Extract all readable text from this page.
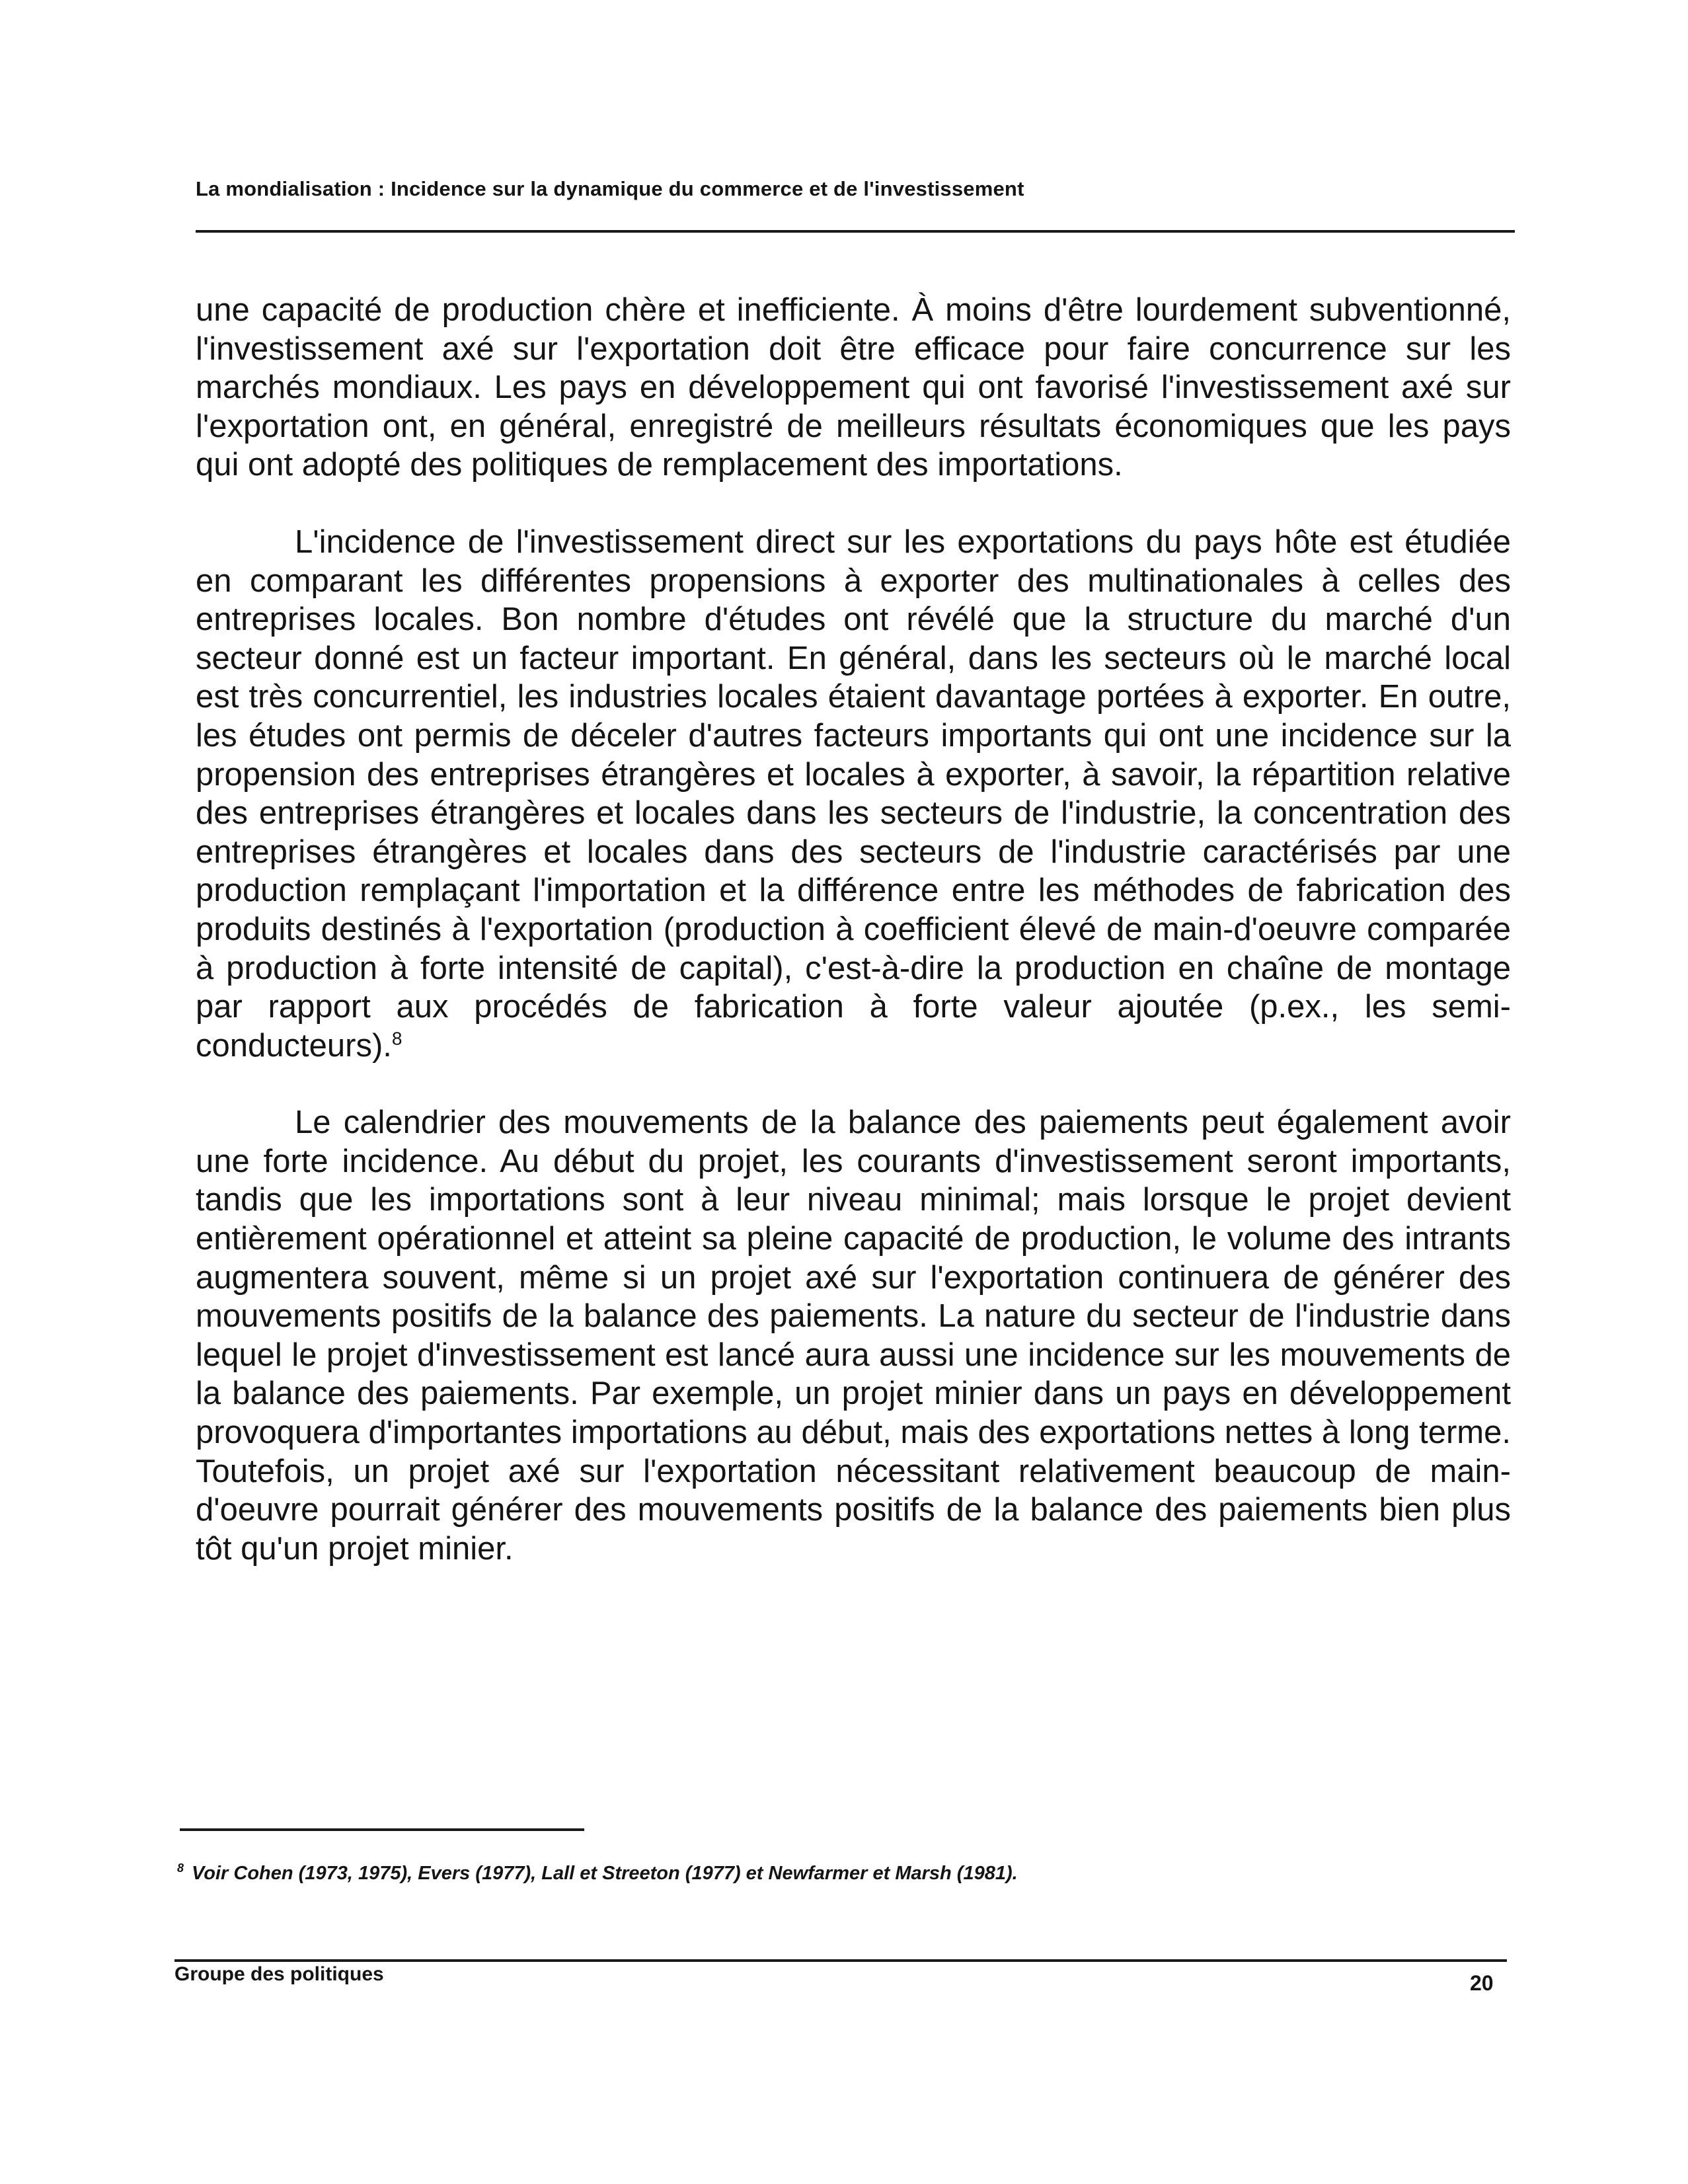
La mondialisation : Incidence sur la dynamique du commerce et de l'investissement

une capacité de production chère et inefficiente. À moins d'être lourdement subventionné, l'investissement axé sur l'exportation doit être efficace pour faire concurrence sur les marchés mondiaux. Les pays en développement qui ont favorisé l'investissement axé sur l'exportation ont, en général, enregistré de meilleurs résultats économiques que les pays qui ont adopté des politiques de remplacement des importations.

L'incidence de l'investissement direct sur les exportations du pays hôte est étudiée en comparant les différentes propensions à exporter des multinationales à celles des entreprises locales. Bon nombre d'études ont révélé que la structure du marché d'un secteur donné est un facteur important. En général, dans les secteurs où le marché local est très concurrentiel, les industries locales étaient davantage portées à exporter. En outre, les études ont permis de déceler d'autres facteurs importants qui ont une incidence sur la propension des entreprises étrangères et locales à exporter, à savoir, la répartition relative des entreprises étrangères et locales dans les secteurs de l'industrie, la concentration des entreprises étrangères et locales dans des secteurs de l'industrie caractérisés par une production remplaçant l'importation et la différence entre les méthodes de fabrication des produits destinés à l'exportation (production à coefficient élevé de main-d'oeuvre comparée à production à forte intensité de capital), c'est-à-dire la production en chaîne de montage par rapport aux procédés de fabrication à forte valeur ajoutée (p.ex., les semi-conducteurs).$^8$

Le calendrier des mouvements de la balance des paiements peut également avoir une forte incidence. Au début du projet, les courants d'investissement seront importants, tandis que les importations sont à leur niveau minimal; mais lorsque le projet devient entièrement opérationnel et atteint sa pleine capacité de production, le volume des intrants augmentera souvent, même si un projet axé sur l'exportation continuera de générer des mouvements positifs de la balance des paiements. La nature du secteur de l'industrie dans lequel le projet d'investissement est lancé aura aussi une incidence sur les mouvements de la balance des paiements. Par exemple, un projet minier dans un pays en développement provoquera d'importantes importations au début, mais des exportations nettes à long terme. Toutefois, un projet axé sur l'exportation nécessitant relativement beaucoup de main-d'oeuvre pourrait générer des mouvements positifs de la balance des paiements bien plus tôt qu'un projet minier.

$^8$ Voir Cohen (1973, 1975), Evers (1977), Lall et Streeton (1977) et Newfarmer et Marsh (1981).
Groupe des politiques	20
